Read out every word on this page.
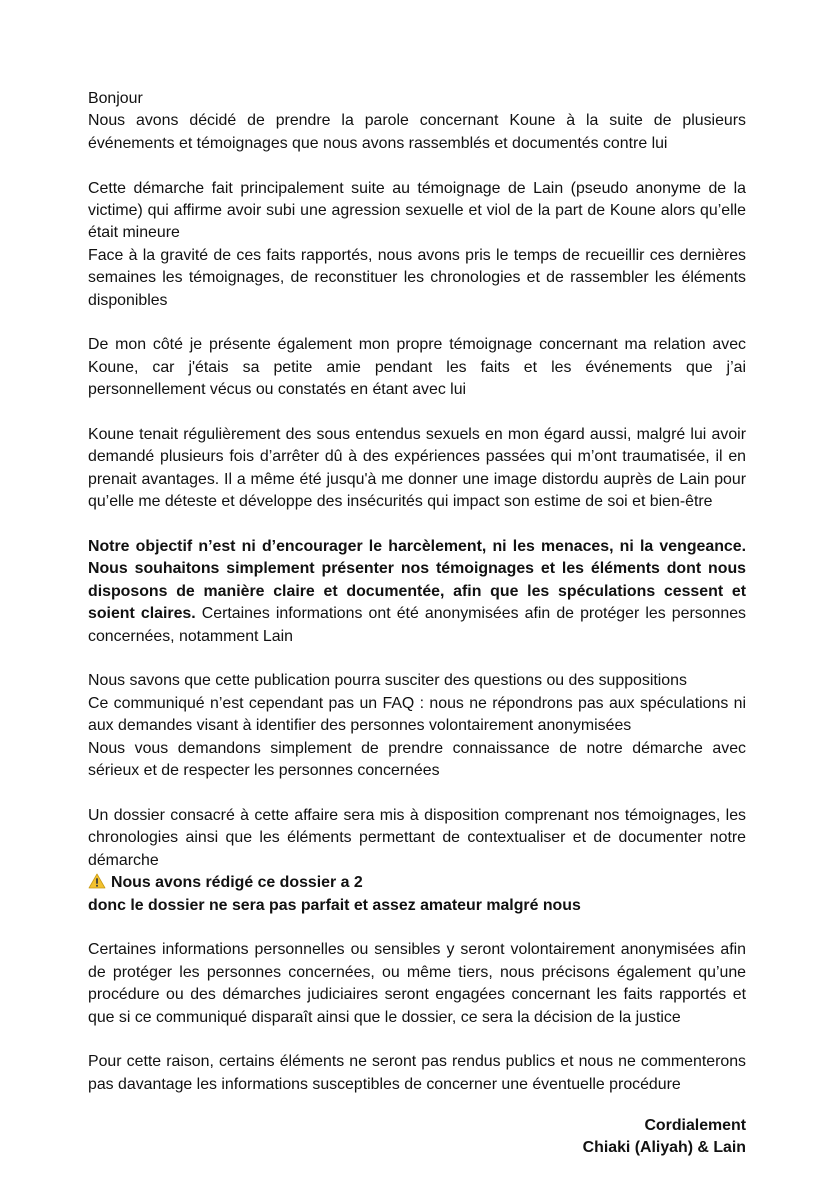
Bonjour
Nous avons décidé de prendre la parole concernant Koune à la suite de plusieurs
événements et témoignages que nous avons rassemblés et documentés contre lui
Cette démarche fait principalement suite au témoignage de Lain (pseudo anonyme de la
victime) qui affirme avoir subi une agression sexuelle et viol de la part de Koune alors qu’elle
était mineure
Face à la gravité de ces faits rapportés, nous avons pris le temps de recueillir ces dernières
semaines les témoignages, de reconstituer les chronologies et de rassembler les éléments
disponibles
De mon côté je présente également mon propre témoignage concernant ma relation avec
Koune, car j'étais sa petite amie pendant les faits et les événements que j’ai
personnellement vécus ou constatés en étant avec lui
Koune tenait régulièrement des sous entendus sexuels en mon égard aussi, malgré lui avoir
demandé plusieurs fois d’arrêter dû à des expériences passées qui m’ont traumatisée, il en
prenait avantages. Il a même été jusqu'à me donner une image distordu auprès de Lain pour
qu’elle me déteste et développe des insécurités qui impact son estime de soi et bien-être
Notre objectif n’est ni d’encourager le harcèlement, ni les menaces, ni la vengeance.
Nous souhaitons simplement présenter nos témoignages et les éléments dont nous
disposons de manière claire et documentée, afin que les spéculations cessent et
soient claires. Certaines informations ont été anonymisées afin de protéger les personnes
concernées, notamment Lain
Nous savons que cette publication pourra susciter des questions ou des suppositions
Ce communiqué n’est cependant pas un FAQ : nous ne répondrons pas aux spéculations ni
aux demandes visant à identifier des personnes volontairement anonymisées
Nous vous demandons simplement de prendre connaissance de notre démarche avec
sérieux et de respecter les personnes concernées
Un dossier consacré à cette affaire sera mis à disposition comprenant nos témoignages, les
chronologies ainsi que les éléments permettant de contextualiser et de documenter notre
démarche
Nous avons rédigé ce dossier a 2
donc le dossier ne sera pas parfait et assez amateur malgré nous
Certaines informations personnelles ou sensibles y seront volontairement anonymisées afin
de protéger les personnes concernées, ou même tiers, nous précisons également qu’une
procédure ou des démarches judiciaires seront engagées concernant les faits rapportés et
que si ce communiqué disparaît ainsi que le dossier, ce sera la décision de la justice
Pour cette raison, certains éléments ne seront pas rendus publics et nous ne commenterons
pas davantage les informations susceptibles de concerner une éventuelle procédure
Cordialement
Chiaki (Aliyah) & Lain
